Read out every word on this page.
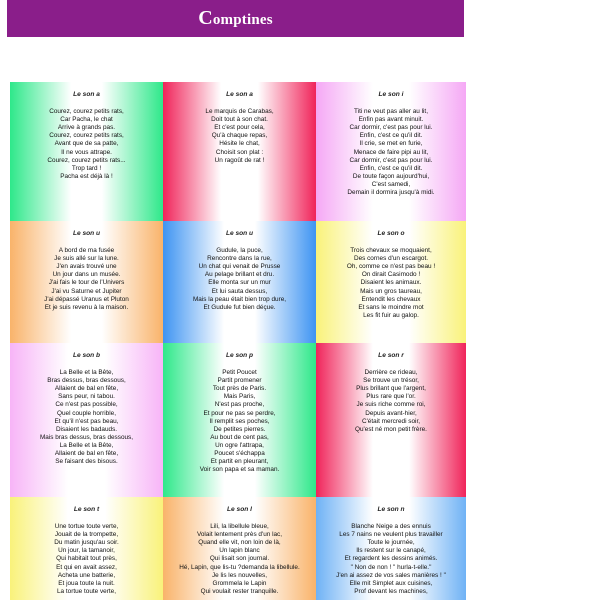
Comptines
Le son a
Courez, courez petits rats,
Car Pacha, le chat
Arrive à grands pas.
Courez, courez petits rats,
Avant que de sa patte,
Il ne vous attrape.
Courez, courez petits rats...
Trop tard !
Pacha est déjà là !
Le son a
Le marquis de Carabas,
Doit tout à son chat.
Et c'est pour cela,
Qu'à chaque repas,
Hésite le chat,
Choisit son plat :
Un ragoût de rat !
Le son i
Titi ne veut pas aller au lit,
Enfin pas avant minuit.
Car dormir, c'est pas pour lui.
Enfin, c'est ce qu'il dit.
Il crie, se met en furie,
Menace de faire pipi au lit,
Car dormir, c'est pas pour lui.
Enfin, c'est ce qu'il dit.
De toute façon aujourd'hui,
C'est samedi,
Demain il dormira jusqu'à midi.
Le son u
A bord de ma fusée
Je suis allé sur la lune.
J'en avais trouvé une
Un jour dans un musée.
J'ai fais le tour de l'Univers
J'ai vu Saturne et Jupiter
J'ai dépassé Uranus et Pluton
Et je suis revenu à la maison.
Le son u
Gudule, la puce,
Rencontre dans la rue,
Un chat qui venait de Prusse
Au pelage brillant et dru.
Elle monta sur un mur
Et lui sauta dessus,
Mais la peau était bien trop dure,
Et Gudule fut bien déçue.
Le son o
Trois chevaux se moquaient,
Des cornes d'un escargot.
Oh, comme ce n'est pas beau !
On dirait Casimodo !
Disaient les animaux.
Mais un gros taureau,
Entendit les chevaux
Et sans le moindre mot
Les fit fuir au galop.
Le son b
La Belle et la Bête,
Bras dessus, bras dessous,
Allaient de bal en fête,
Sans peur, ni tabou.
Ce n'est pas possible,
Quel couple horrible,
Et qu'il n'est pas beau,
Disaient les badauds.
Mais bras dessus, bras dessous,
La Belle et la Bête,
Allaient de bal en fête,
Se faisant des bisous.
Le son p
Petit Poucet
Partit promener
Tout près de Paris.
Mais Paris,
N'est pas proche,
Et pour ne pas se perdre,
Il remplit ses poches,
De petites pierres.
Au bout de cent pas,
Un ogre l'attrapa,
Poucet s'échappa
Et partit en pleurant,
Voir son papa et sa maman.
Le son r
Derrière ce rideau,
Se trouve un trésor,
Plus brillant que l'argent,
Plus rare que l'or.
Je suis riche comme roi,
Depuis avant-hier,
C'était mercredi soir,
Qu'est né mon petit frère.
Le son t
Une tortue toute verte,
Jouait de la trompette,
Du matin jusqu'au soir.
Un jour, la tamanoir,
Qui habitait tout près,
Et qui en avait assez,
Acheta une batterie,
Et joua toute la nuit.
La tortue toute verte,
Le son l
Lili, la libellule bleue,
Volait lentement près d'un lac,
Quand elle vit, non loin de là,
Un lapin blanc
Qui lisait son journal.
Hé, Lapin, que lis-tu ?demanda la libellule.
Je lis les nouvelles,
Grommela le Lapin
Qui voulait rester tranquille.
Le son n
Blanche Neige a des ennuis
Les 7 nains ne veulent plus travailler
Toute le journée,
Ils restent sur le canapé,
Et regardent les dessins animés.
" Non de non ! " hurla-t-elle."
J'en ai assez de vos sales manières ! "
Elle mit Simplet aux cuisines,
Prof devant les machines,
